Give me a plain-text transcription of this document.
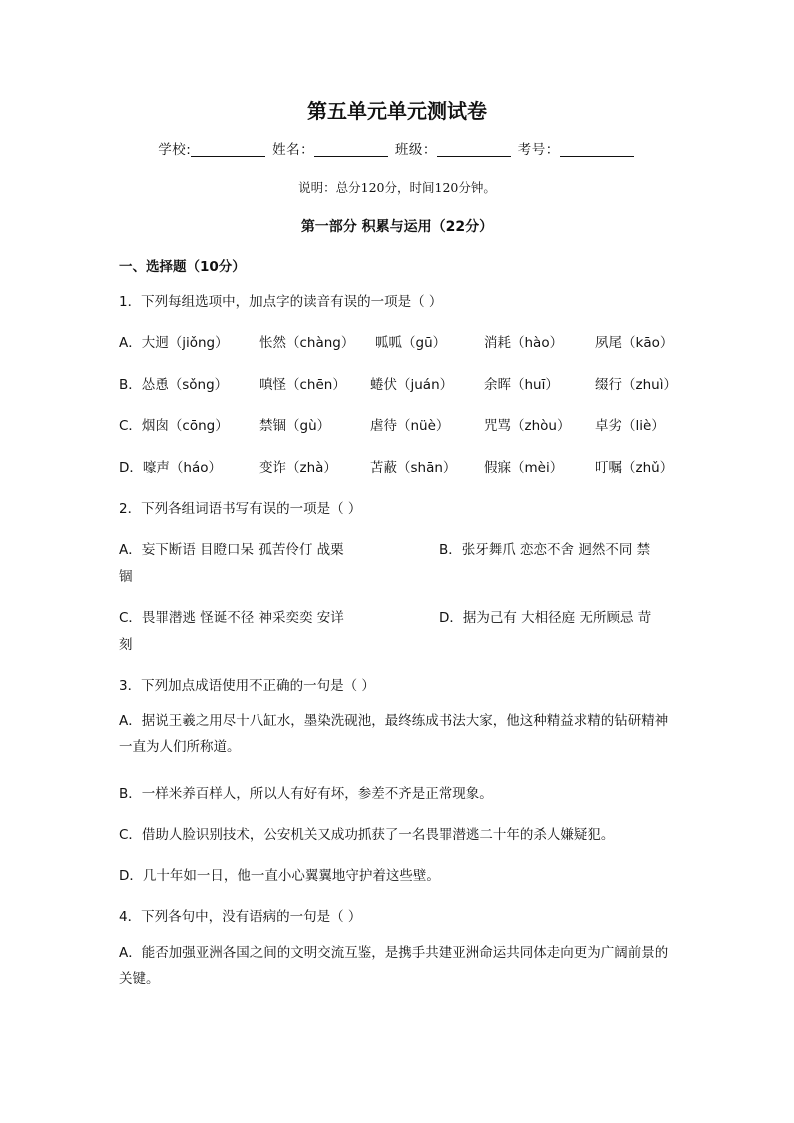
第五单元单元测试卷
学校:	姓名：	班级：	考号：
说明：总分120分，时间120分钟。
第一部分 积累与运用（22分）
一、选择题（10分）
1．下列每组选项中，加点字的读音有误的一项是（ ）
A．大迥（jiǒng） 怅然（chàng） 呱呱（gū）	消耗（hào） 夙尾（kāo）
B．怂恿（sǒng） 嗔怪（chēn） 蜷伏（juán） 余晖（huī）	缀行（zhuì）
C．烟囱（cōng） 禁锢（gù）	虐待（nüè）	咒骂（zhòu） 卓劣（liè）
D．嚎声（háo）	变诈（zhà） 苫蔽（shān） 假寐（mèi） 叮嘱（zhǔ）
2．下列各组词语书写有误的一项是（ ）
A．妄下断语 目瞪口呆 孤苦伶仃 战栗	B．张牙舞爪 恋恋不舍 迥然不同 禁
锢
C．畏罪潜逃 怪诞不径 神采奕奕 安详	D．据为己有 大相径庭 无所顾忌 苛
刻
3．下列加点成语使用不正确的一句是（ ）
A．据说王羲之用尽十八缸水，墨染洗砚池，最终练成书法大家，他这种精益求精的钻研精神一直为人们所称道。
B．一样米养百样人，所以人有好有坏，参差不齐是正常现象。
C．借助人脸识别技术，公安机关又成功抓获了一名畏罪潜逃二十年的杀人嫌疑犯。
D．几十年如一日，他一直小心翼翼地守护着这些壁。
4．下列各句中，没有语病的一句是（ ）
A．能否加强亚洲各国之间的文明交流互鉴，是携手共建亚洲命运共同体走向更为广阔前景的关键。
